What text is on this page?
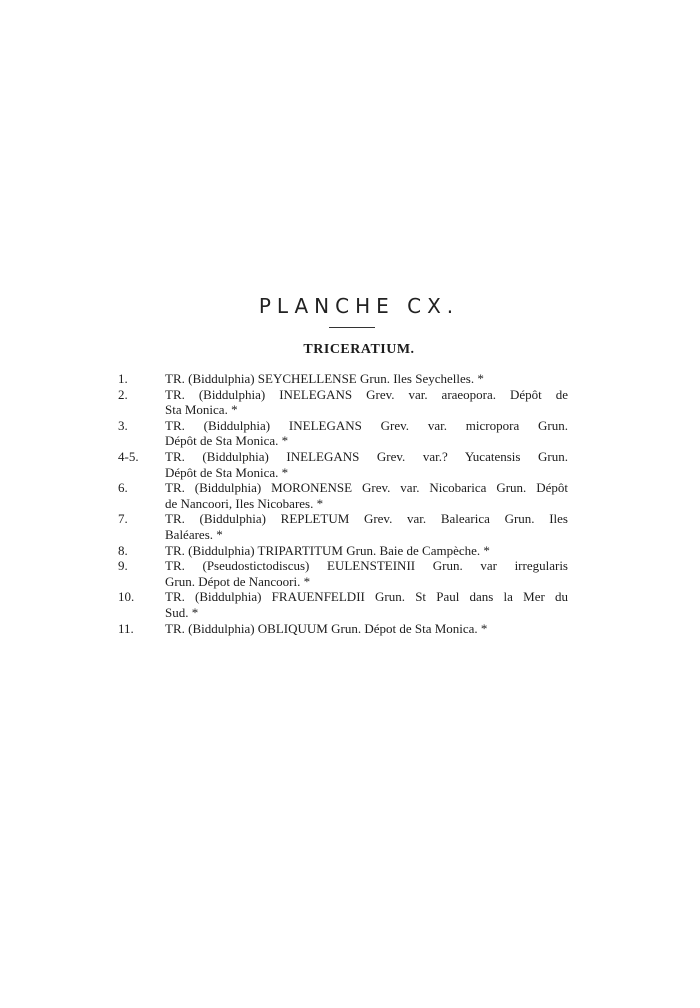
PLANCHE CX.
TRICERATIUM.
1.	TR. (Biddulphia) SEYCHELLENSE Grun. Iles Seychelles. *
2.	TR. (Biddulphia) INELEGANS Grev. var. araeopora. Dépôt de
Sta Monica. *
3.	TR. (Biddulphia) INELEGANS Grev. var. micropora Grun.
Dépôt de Sta Monica. *
4-5.	TR. (Biddulphia) INELEGANS Grev. var.? Yucatensis Grun.
Dépôt de Sta Monica. *
6.	TR. (Biddulphia) MORONENSE Grev. var. Nicobarica Grun. Dépôt
de Nancoori, Iles Nicobares. *
7.	TR. (Biddulphia) REPLETUM Grev. var. Balearica Grun. Iles
Baléares. *
8.	TR. (Biddulphia) TRIPARTITUM Grun. Baie de Campèche. *
9.	TR. (Pseudostictodiscus) EULENSTEINII Grun. var irregularis
Grun. Dépot de Nancoori. *
10.	TR. (Biddulphia) FRAUENFELDII Grun. St Paul dans la Mer du
Sud. *
11.	TR. (Biddulphia) OBLIQUUM Grun. Dépot de Sta Monica. *
